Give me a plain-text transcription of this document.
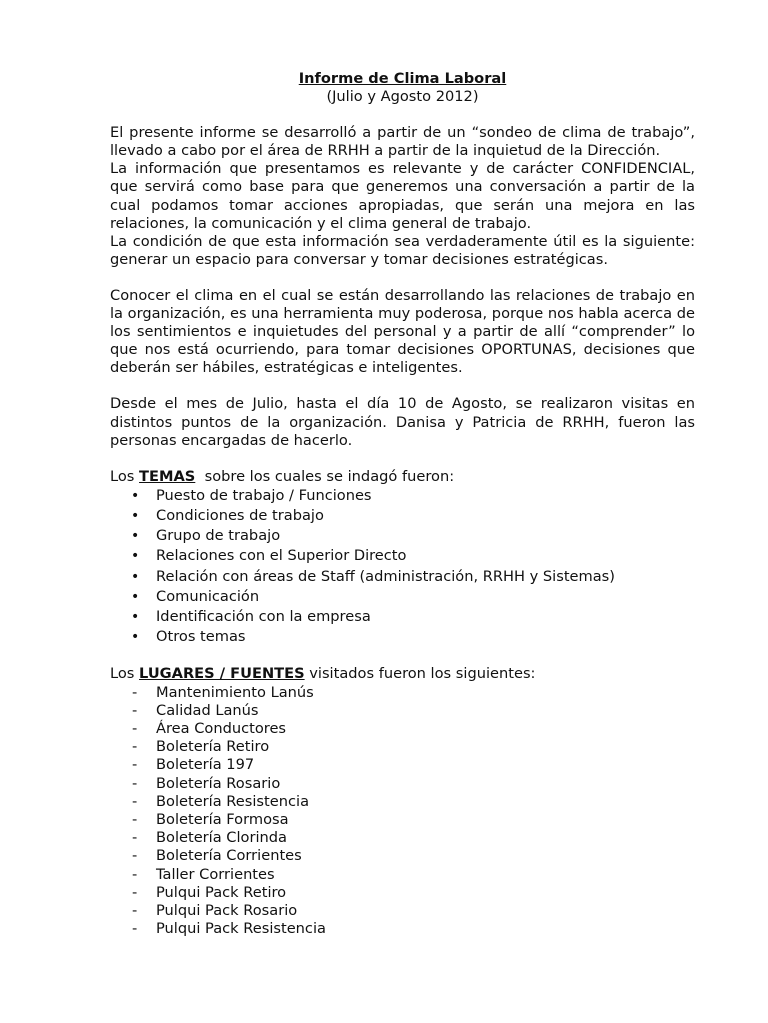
Informe de Clima Laboral
(Julio y Agosto 2012)

El presente informe se desarrolló a partir de un “sondeo de clima de trabajo”, llevado a cabo por el área de RRHH a partir de la inquietud de la Dirección.

La información que presentamos es relevante y de carácter CONFIDENCIAL, que servirá como base para que generemos una conversación a partir de la cual podamos tomar acciones apropiadas, que serán una mejora en las relaciones, la comunicación y el clima general de trabajo.

La condición de que esta información sea verdaderamente útil es la siguiente: generar un espacio para conversar y tomar decisiones estratégicas.

Conocer el clima en el cual se están desarrollando las relaciones de trabajo en la organización, es una herramienta muy poderosa, porque nos habla acerca de los sentimientos e inquietudes del personal y a partir de allí “comprender” lo que nos está ocurriendo, para tomar decisiones OPORTUNAS, decisiones que deberán ser hábiles, estratégicas e inteligentes.

Desde el mes de Julio, hasta el día 10 de Agosto, se realizaron visitas en distintos puntos de la organización. Danisa y Patricia de RRHH, fueron las personas encargadas de hacerlo.

Los TEMAS sobre los cuales se indagó fueron:

• Puesto de trabajo / Funciones
• Condiciones de trabajo
• Grupo de trabajo
• Relaciones con el Superior Directo
• Relación con áreas de Staff (administración, RRHH y Sistemas)
• Comunicación
• Identificación con la empresa
• Otros temas

Los LUGARES / FUENTES visitados fueron los siguientes:

- Mantenimiento Lanús
- Calidad Lanús
- Área Conductores
- Boletería Retiro
- Boletería 197
- Boletería Rosario
- Boletería Resistencia
- Boletería Formosa
- Boletería Clorinda
- Boletería Corrientes
- Taller Corrientes
- Pulqui Pack Retiro
- Pulqui Pack Rosario
- Pulqui Pack Resistencia
